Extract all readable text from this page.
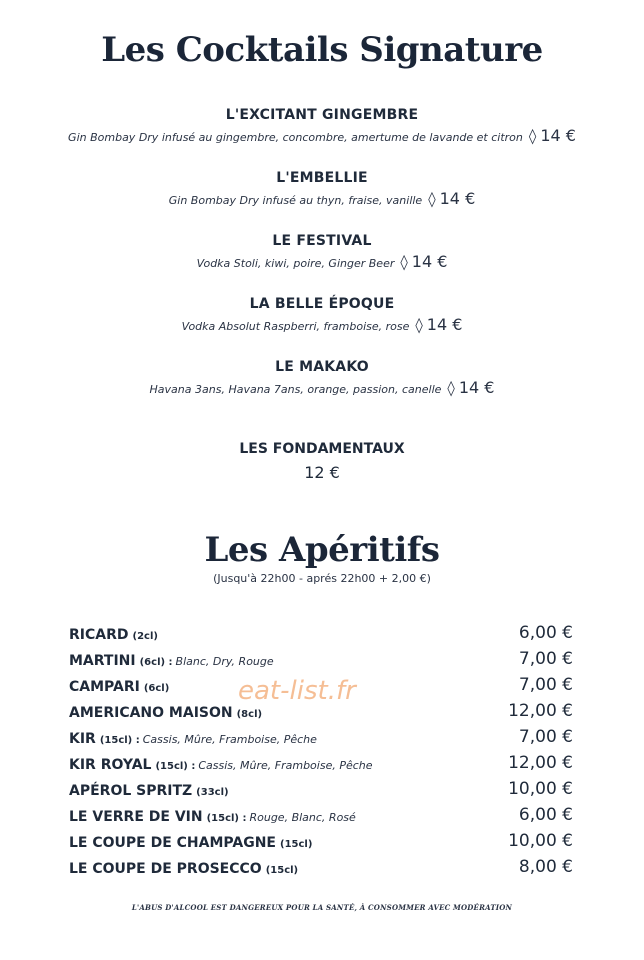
Les Cocktails Signature
L'EXCITANT GINGEMBRE
Gin Bombay Dry infusé au gingembre, concombre, amertume de lavande et citron ◊ 14 €
L'EMBELLIE
Gin Bombay Dry infusé au thyn, fraise, vanille ◊ 14 €
LE FESTIVAL
Vodka Stoli, kiwi, poire, Ginger Beer ◊ 14 €
LA BELLE ÉPOQUE
Vodka Absolut Raspberri, framboise, rose ◊ 14 €
LE MAKAKO
Havana 3ans, Havana 7ans, orange, passion, canelle ◊ 14 €
LES FONDAMENTAUX
12 €
Les Apéritifs
(Jusqu'à 22h00 - aprés 22h00 + 2,00 €)
RICARD (2cl)	6,00 €
MARTINI (6cl) : Blanc, Dry, Rouge	7,00 €
CAMPARI (6cl)	7,00 €
AMERICANO MAISON (8cl)	12,00 €
KIR (15cl) : Cassis, Mûre, Framboise, Pêche	7,00 €
KIR ROYAL (15cl) : Cassis, Mûre, Framboise, Pêche	12,00 €
APÉROL SPRITZ (33cl)	10,00 €
LE VERRE DE VIN (15cl) : Rouge, Blanc, Rosé	6,00 €
LE COUPE DE CHAMPAGNE (15cl)	10,00 €
LE COUPE DE PROSECCO (15cl)	8,00 €
eat-list.fr
L'ABUS D'ALCOOL EST DANGEREUX POUR LA SANTÉ, À CONSOMMER AVEC MODÉRATION
